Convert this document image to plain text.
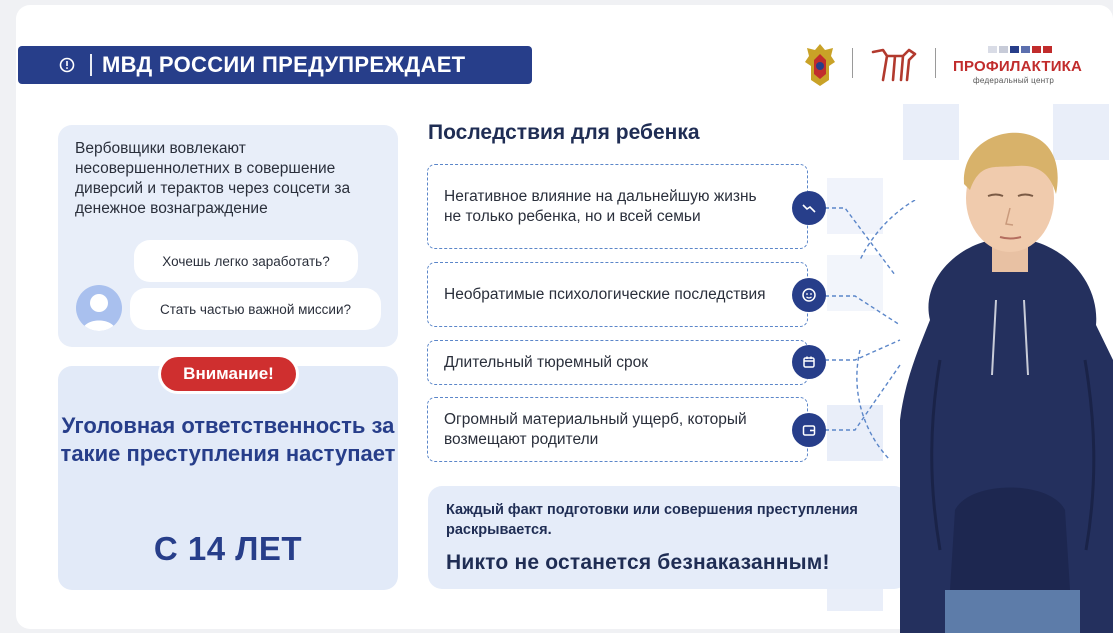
МВД РОССИИ ПРЕДУПРЕЖДАЕТ	ПРОФИЛАКТИКА
федеральный центр
Вербовщики вовлекают несовершеннолетних в совершение диверсий и терактов через соцсети за денежное вознаграждение
Хочешь легко заработать?
Стать частью важной миссии?
Внимание!
Уголовная ответственность за такие преступления наступает
С 14 ЛЕТ
Последствия для ребенка
Негативное влияние на дальнейшую жизнь не только ребенка, но и всей семьи
Необратимые психологические последствия
Длительный тюремный срок
Огромный материальный ущерб, который возмещают родители
Каждый факт подготовки или совершения преступления раскрывается.
Никто не останется безнаказанным!
